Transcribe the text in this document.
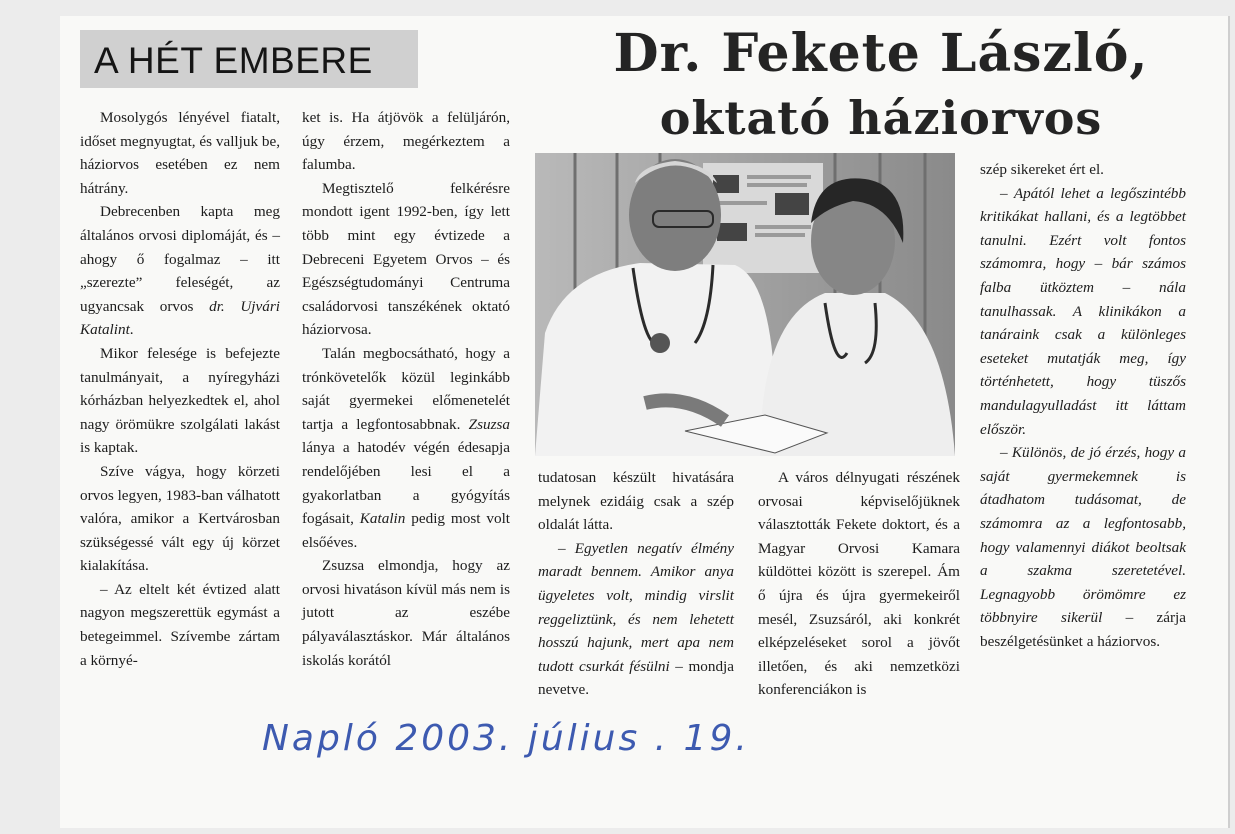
A HÉT EMBERE	Dr. Fekete László,
oktató háziorvos

Mosolygós lényével fiatalt, időset megnyugtat, és valljuk be, háziorvos esetében ez nem hátrány.

Debrecenben kapta meg általános orvosi diplomáját, és – ahogy ő fogalmaz – itt „szerezte” feleségét, az ugyancsak orvos dr. Ujvári Katalint.

Mikor felesége is befejezte tanulmányait, a nyíregyházi kórházban helyezkedtek el, ahol nagy örömükre szolgálati lakást is kaptak.

Szíve vágya, hogy körzeti orvos legyen, 1983-ban válhatott valóra, amikor a Kertvárosban szükségessé vált egy új körzet kialakítása.

– Az eltelt két évtized alatt nagyon megszerettük egymást a betegeimmel. Szívembe zártam a környé-

ket is. Ha átjövök a felüljárón, úgy érzem, megérkeztem a falumba.

Megtisztelő felkérésre mondott igent 1992-ben, így lett több mint egy évtizede a Debreceni Egyetem Orvos – és Egészségtudományi Centruma családorvosi tanszékének oktató háziorvosa.

Talán megbocsátható, hogy a trónkövetelők közül leginkább saját gyermekei előmenetelét tartja a legfontosabbnak. Zsuzsa lánya a hatodév végén édesapja rendelőjében lesi el a gyakorlatban a gyógyítás fogásait, Katalin pedig most volt elsőéves.

Zsuzsa elmondja, hogy az orvosi hivatáson kívül más nem is jutott az eszébe pályaválasztáskor. Már általános iskolás korától

tudatosan készült hivatására melynek ezidáig csak a szép oldalát látta.

– Egyetlen negatív élmény maradt bennem. Amikor anya ügyeletes volt, mindig virslit reggeliztünk, és nem lehetett hosszú hajunk, mert apa nem tudott csurkát fésülni – mondja nevetve.

A város délnyugati részének orvosai képviselőjüknek választották Fekete doktort, és a Magyar Orvosi Kamara küldöttei között is szerepel. Ám ő újra és újra gyermekeiről mesél, Zsuzsáról, aki konkrét elképzeléseket sorol a jövőt illetően, és aki nemzetközi konferenciákon is

szép sikereket ért el.

– Apától lehet a legőszintébb kritikákat hallani, és a legtöbbet tanulni. Ezért volt fontos számomra, hogy – bár számos falba ütköztem – nála tanulhassak. A klinikákon a tanáraink csak a különleges eseteket mutatják meg, így történhetett, hogy tüszős mandulagyulladást itt láttam először.

– Különös, de jó érzés, hogy a saját gyermekemnek is átadhatom tudásomat, de számomra az a legfontosabb, hogy valamennyi diákot beoltsak a szakma szeretetével. Legnagyobb örömömre ez többnyire sikerül – zárja beszélgetésünket a háziorvos.

Napló 2003. július . 19.
